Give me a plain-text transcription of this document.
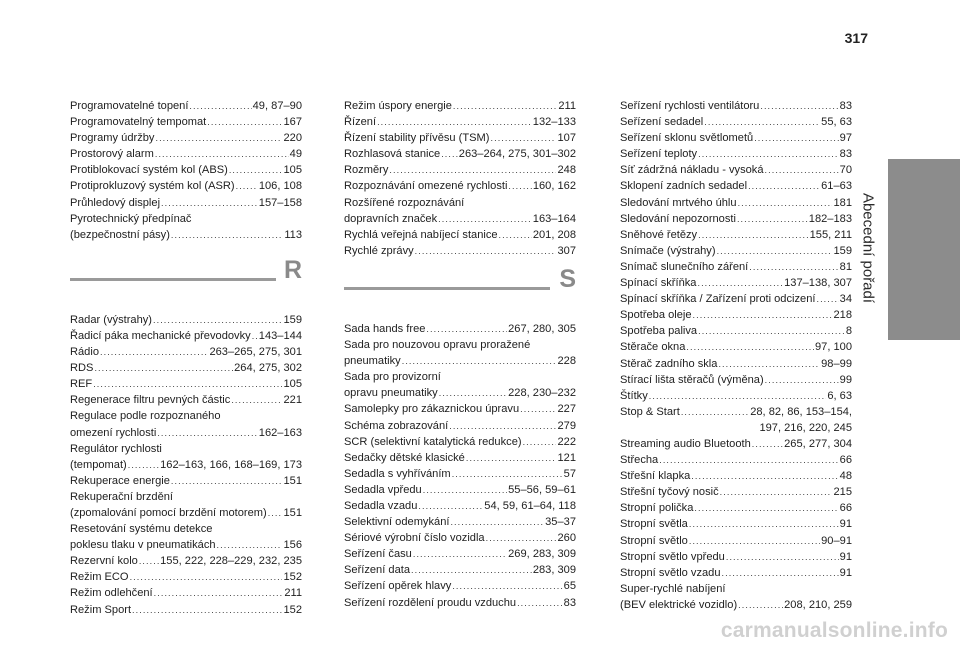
317
Abecední pořadí
Programovatelné topení .....	49, 87–90
Programovatelný tempomat .....	167
Programy údržby .....	220
Prostorový alarm .....	49
Protiblokovací systém kol (ABS) .....	105
Protiprokluzový systém kol (ASR) ..... 106, 108
Průhledový displej .....	157–158
Pyrotechnický předpínač
(bezpečnostní pásy) .....	113
R
Radar (výstrahy) .....	159
Řadicí páka mechanické převodovky ..... 143–144
Rádio .....	263–265, 275, 301
RDS .....	264, 275, 302
REF .....	105
Regenerace filtru pevných částic .....	221
Regulace podle rozpoznaného
omezení rychlosti .....	162–163
Regulátor rychlosti
(tempomat) .....	162–163, 166, 168–169, 173
Rekuperace energie .....	151
Rekuperační brzdění
(zpomalování pomocí brzdění motorem) ..... 151
Resetování systému detekce
poklesu tlaku v pneumatikách .....	156
Rezervní kolo ..... 155, 222, 228–229, 232, 235
Režim ECO .....	152
Režim odlehčení .....	211
Režim Sport .....	152
Režim úspory energie .....	211
Řízení .....	132–133
Řízení stability přívěsu (TSM) .....	107
Rozhlasová stanice ..... 263–264, 275, 301–302
Rozměry .....	248
Rozpoznávání omezené rychlosti ..... 160, 162
Rozšířené rozpoznávání
dopravních značek .....	163–164
Rychlá veřejná nabíjecí stanice .....	201, 208
Rychlé zprávy .....	307
S
Sada hands free .....	267, 280, 305
Sada pro nouzovou opravu proražené
pneumatiky .....	228
Sada pro provizorní
opravu pneumatiky .....	228, 230–232
Samolepky pro zákaznickou úpravu .....	227
Schéma zobrazování .....	279
SCR (selektivní katalytická redukce) .....	222
Sedačky dětské klasické .....	121
Sedadla s vyhříváním .....	57
Sedadla vpředu .....	55–56, 59–61
Sedadla vzadu .....	54, 59, 61–64, 118
Selektivní odemykání .....	35–37
Sériové výrobní číslo vozidla .....	260
Seřízení času .....	269, 283, 309
Seřízení data .....	283, 309
Seřízení opěrek hlavy .....	65
Seřízení rozdělení proudu vzduchu .....	83
Seřízení rychlosti ventilátoru .....	83
Seřízení sedadel .....	55, 63
Seřízení sklonu světlometů .....	97
Seřízení teploty .....	83
Síť zádržná nákladu - vysoká .....	70
Sklopení zadních sedadel .....	61–63
Sledování mrtvého úhlu .....	181
Sledování nepozornosti .....	182–183
Sněhové řetězy .....	155, 211
Snímače (výstrahy) .....	159
Snímač slunečního záření .....	81
Spínací skříňka .....	137–138, 307
Spínací skříňka / Zařízení proti odcizení ..... 34
Spotřeba oleje .....	218
Spotřeba paliva .....	8
Stěrače okna .....	97, 100
Stěrač zadního skla .....	98–99
Stírací lišta stěračů (výměna) .....	99
Štítky .....	6, 63
Stop & Start .....	28, 82, 86, 153–154,
197, 216, 220, 245
Streaming audio Bluetooth .....	265, 277, 304
Střecha .....	66
Střešní klapka .....	48
Střešní tyčový nosič .....	215
Stropní polička .....	66
Stropní světla .....	91
Stropní světlo .....	90–91
Stropní světlo vpředu .....	91
Stropní světlo vzadu .....	91
Super-rychlé nabíjení
(BEV elektrické vozidlo) .....	208, 210, 259
carmanualsonline.info
